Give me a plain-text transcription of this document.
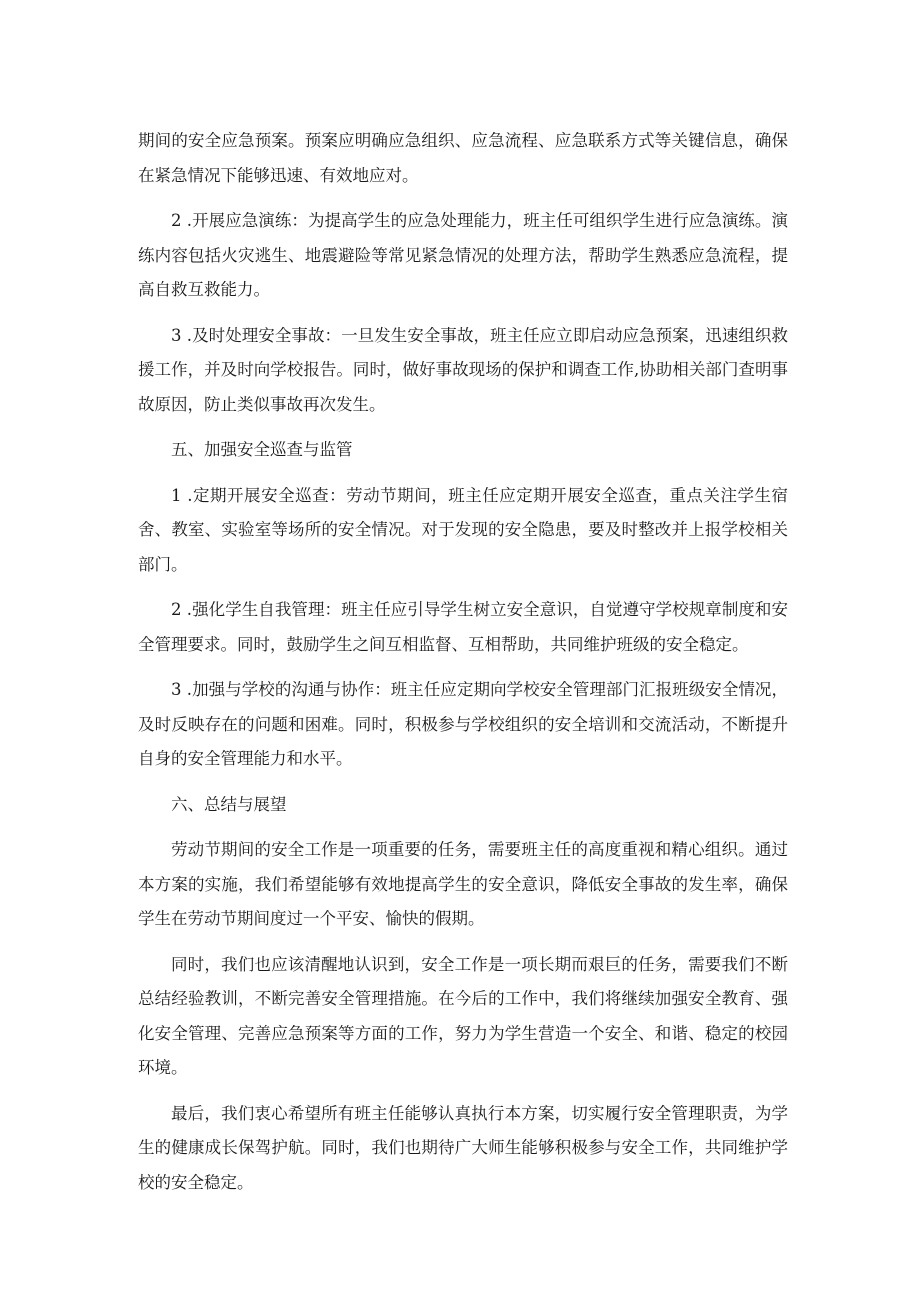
期间的安全应急预案。预案应明确应急组织、应急流程、应急联系方式等关键信息，确保在紧急情况下能够迅速、有效地应对。

2 .开展应急演练：为提高学生的应急处理能力，班主任可组织学生进行应急演练。演练内容包括火灾逃生、地震避险等常见紧急情况的处理方法，帮助学生熟悉应急流程，提高自救互救能力。

3 .及时处理安全事故：一旦发生安全事故，班主任应立即启动应急预案，迅速组织救援工作，并及时向学校报告。同时，做好事故现场的保护和调查工作,协助相关部门查明事故原因，防止类似事故再次发生。

五、加强安全巡查与监管

1 .定期开展安全巡查：劳动节期间，班主任应定期开展安全巡查，重点关注学生宿舍、教室、实验室等场所的安全情况。对于发现的安全隐患，要及时整改并上报学校相关部门。

2 .强化学生自我管理：班主任应引导学生树立安全意识，自觉遵守学校规章制度和安全管理要求。同时，鼓励学生之间互相监督、互相帮助，共同维护班级的安全稳定。

3 .加强与学校的沟通与协作：班主任应定期向学校安全管理部门汇报班级安全情况，及时反映存在的问题和困难。同时，积极参与学校组织的安全培训和交流活动，不断提升自身的安全管理能力和水平。

六、总结与展望

劳动节期间的安全工作是一项重要的任务，需要班主任的高度重视和精心组织。通过本方案的实施，我们希望能够有效地提高学生的安全意识，降低安全事故的发生率，确保学生在劳动节期间度过一个平安、愉快的假期。

同时，我们也应该清醒地认识到，安全工作是一项长期而艰巨的任务，需要我们不断总结经验教训，不断完善安全管理措施。在今后的工作中，我们将继续加强安全教育、强化安全管理、完善应急预案等方面的工作，努力为学生营造一个安全、和谐、稳定的校园环境。

最后，我们衷心希望所有班主任能够认真执行本方案，切实履行安全管理职责，为学生的健康成长保驾护航。同时，我们也期待广大师生能够积极参与安全工作，共同维护学校的安全稳定。
